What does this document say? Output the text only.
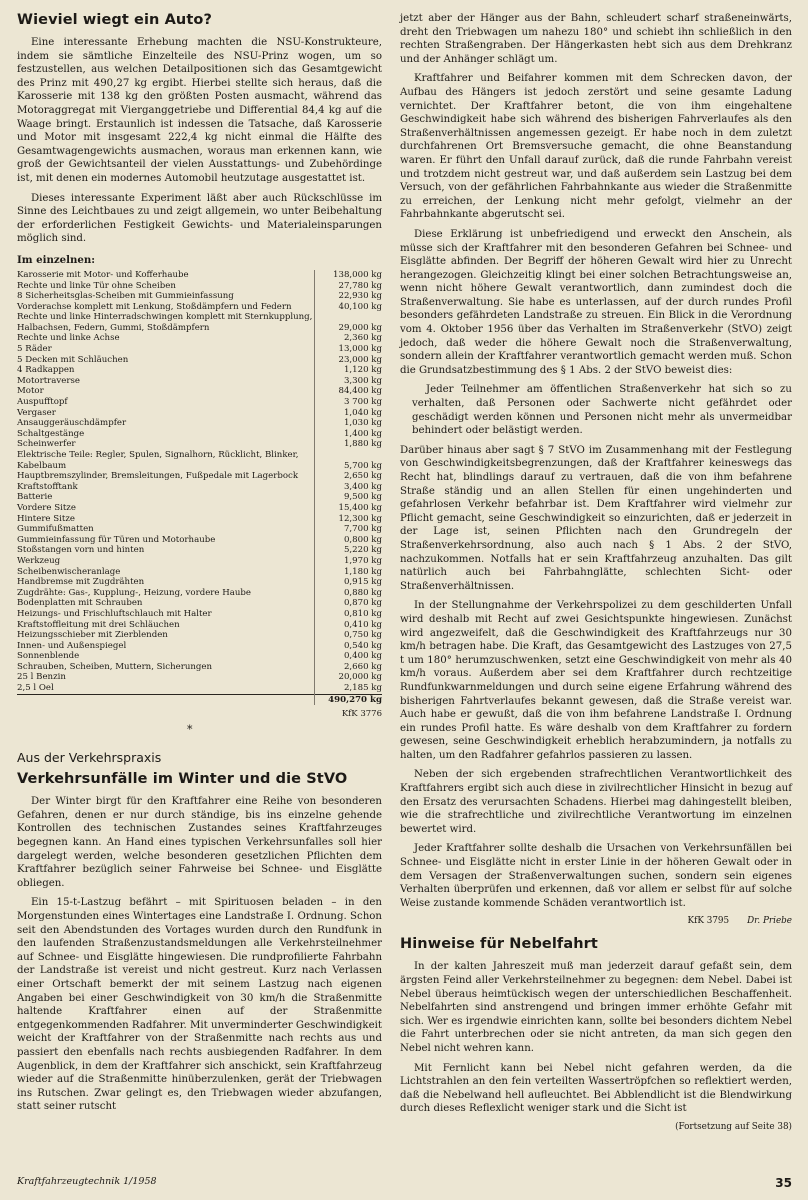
Wieviel wiegt ein Auto?

Eine interessante Erhebung machten die NSU-Konstrukteure, indem sie sämtliche Einzelteile des NSU-Prinz wogen, um so festzustellen, aus welchen Detailpositionen sich das Gesamtgewicht des Prinz mit 490,27 kg ergibt. Hierbei stellte sich heraus, daß die Karosserie mit 138 kg den größten Posten ausmacht, während das Motoraggregat mit Vierganggetriebe und Differential 84,4 kg auf die Waage bringt. Erstaunlich ist indessen die Tatsache, daß Karosserie und Motor mit insgesamt 222,4 kg nicht einmal die Hälfte des Gesamtwagengewichts ausmachen, woraus man erkennen kann, wie groß der Gewichtsanteil der vielen Ausstattungs- und Zubehördinge ist, mit denen ein modernes Automobil heutzutage ausgestattet ist.

Dieses interessante Experiment läßt aber auch Rückschlüsse im Sinne des Leichtbaues zu und zeigt allgemein, wo unter Beibehaltung der erforderlichen Festigkeit Gewichts- und Materialeinsparungen möglich sind.

Im einzelnen:
Karosserie mit Motor- und Kofferhaube	138,000 kg
Rechte und linke Tür ohne Scheiben	27,780 kg
8 Sicherheitsglas-Scheiben mit Gummieinfassung	22,930 kg
Vorderachse komplett mit Lenkung, Stoßdämpfern und Federn	40,100 kg
Rechte und linke Hinterradschwingen komplett mit Sternkupplung, Halbachsen, Federn, Gummi, Stoßdämpfern	29,000 kg
Rechte und linke Achse	2,360 kg
5 Räder	13,000 kg
5 Decken mit Schläuchen	23,000 kg
4 Radkappen	1,120 kg
Motortraverse	3,300 kg
Motor	84,400 kg
Auspufftopf	3 700 kg
Vergaser	1,040 kg
Ansauggeräuschdämpfer	1,030 kg
Schaltgestänge	1,400 kg
Scheinwerfer	1,880 kg
Elektrische Teile: Regler, Spulen, Signalhorn, Rücklicht, Blinker, Kabelbaum	5,700 kg
Hauptbremszylinder, Bremsleitungen, Fußpedale mit Lagerbock	2,650 kg
Kraftstofftank	3,400 kg
Batterie	9,500 kg
Vordere Sitze	15,400 kg
Hintere Sitze	12,300 kg
Gummifußmatten	7,700 kg
Gummieinfassung für Türen und Motorhaube	0,800 kg
Stoßstangen vorn und hinten	5,220 kg
Werkzeug	1,970 kg
Scheibenwischeranlage	1,180 kg
Handbremse mit Zugdrähten	0,915 kg
Zugdrähte: Gas-, Kupplung-, Heizung, vordere Haube	0,880 kg
Bodenplatten mit Schrauben	0,870 kg
Heizungs- und Frischluftschlauch mit Halter	0,810 kg
Kraftstoffleitung mit drei Schläuchen	0,410 kg
Heizungsschieber mit Zierblenden	0,750 kg
Innen- und Außenspiegel	0,540 kg
Sonnenblende	0,400 kg
Schrauben, Scheiben, Muttern, Sicherungen	2,660 kg
25 l Benzin	20,000 kg
2,5 l Oel	2,185 kg
	490,270 kg
KfK 3776
*
Aus der Verkehrspraxis
Verkehrsunfälle im Winter und die StVO

Der Winter birgt für den Kraftfahrer eine Reihe von besonderen Gefahren, denen er nur durch ständige, bis ins einzelne gehende Kontrollen des technischen Zustandes seines Kraftfahrzeuges begegnen kann. An Hand eines typischen Verkehrsunfalles soll hier dargelegt werden, welche besonderen gesetzlichen Pflichten dem Kraftfahrer bezüglich seiner Fahrweise bei Schnee- und Eisglätte obliegen.

Ein 15-t-Lastzug befährt – mit Spirituosen beladen – in den Morgenstunden eines Wintertages eine Landstraße I. Ordnung. Schon seit den Abendstunden des Vortages wurden durch den Rundfunk in den laufenden Straßenzustandsmeldungen alle Verkehrsteilnehmer auf Schnee- und Eisglätte hingewiesen. Die rundprofilierte Fahrbahn der Landstraße ist vereist und nicht gestreut. Kurz nach Verlassen einer Ortschaft bemerkt der mit seinem Lastzug nach eigenen Angaben bei einer Geschwindigkeit von 30 km/h die Straßenmitte haltende Kraftfahrer einen auf der Straßenmitte entgegenkommenden Radfahrer. Mit unverminderter Geschwindigkeit weicht der Kraftfahrer von der Straßenmitte nach rechts aus und passiert den ebenfalls nach rechts ausbiegenden Radfahrer. In dem Augenblick, in dem der Kraftfahrer sich anschickt, sein Kraftfahrzeug wieder auf die Straßenmitte hinüberzulenken, gerät der Triebwagen ins Rutschen. Zwar gelingt es, den Triebwagen wieder abzufangen, statt seiner rutscht

jetzt aber der Hänger aus der Bahn, schleudert scharf straßeneinwärts, dreht den Triebwagen um nahezu 180° und schiebt ihn schließlich in den rechten Straßengraben. Der Hängerkasten hebt sich aus dem Drehkranz und der Anhänger schlägt um.

Kraftfahrer und Beifahrer kommen mit dem Schrecken davon, der Aufbau des Hängers ist jedoch zerstört und seine gesamte Ladung vernichtet. Der Kraftfahrer betont, die von ihm eingehaltene Geschwindigkeit habe sich während des bisherigen Fahrverlaufes als den Straßenverhältnissen angemessen gezeigt. Er habe noch in dem zuletzt durchfahrenen Ort Bremsversuche gemacht, die ohne Beanstandung waren. Er führt den Unfall darauf zurück, daß die runde Fahrbahn vereist und trotzdem nicht gestreut war, und daß außerdem sein Lastzug bei dem Versuch, von der gefährlichen Fahrbahnkante aus wieder die Straßenmitte zu erreichen, der Lenkung nicht mehr gefolgt, vielmehr an der Fahrbahnkante abgerutscht sei.

Diese Erklärung ist unbefriedigend und erweckt den Anschein, als müsse sich der Kraftfahrer mit den besonderen Gefahren bei Schnee- und Eisglätte abfinden. Der Begriff der höheren Gewalt wird hier zu Unrecht herangezogen. Gleichzeitig klingt bei einer solchen Betrachtungsweise an, wenn nicht höhere Gewalt verantwortlich, dann zumindest doch die Straßenverwaltung. Sie habe es unterlassen, auf der durch rundes Profil besonders gefährdeten Landstraße zu streuen. Ein Blick in die Verordnung vom 4. Oktober 1956 über das Verhalten im Straßenverkehr (StVO) zeigt jedoch, daß weder die höhere Gewalt noch die Straßenverwaltung, sondern allein der Kraftfahrer verantwortlich gemacht werden muß. Schon die Grundsatzbestimmung des § 1 Abs. 2 der StVO beweist dies:

Jeder Teilnehmer am öffentlichen Straßenverkehr hat sich so zu verhalten, daß Personen oder Sachwerte nicht gefährdet oder geschädigt werden können und Personen nicht mehr als unvermeidbar behindert oder belästigt werden.

Darüber hinaus aber sagt § 7 StVO im Zusammenhang mit der Festlegung von Geschwindigkeitsbegrenzungen, daß der Kraftfahrer keineswegs das Recht hat, blindlings darauf zu vertrauen, daß die von ihm befahrene Straße ständig und an allen Stellen für einen ungehinderten und gefahrlosen Verkehr befahrbar ist. Dem Kraftfahrer wird vielmehr zur Pflicht gemacht, seine Geschwindigkeit so einzurichten, daß er jederzeit in der Lage ist, seinen Pflichten nach den Grundregeln der Straßenverkehrsordnung, also auch nach § 1 Abs. 2 der StVO, nachzukommen. Notfalls hat er sein Kraftfahrzeug anzuhalten. Das gilt natürlich auch bei Fahrbahnglätte, schlechten Sicht- oder Straßenverhältnissen.

In der Stellungnahme der Verkehrspolizei zu dem geschilderten Unfall wird deshalb mit Recht auf zwei Gesichtspunkte hingewiesen. Zunächst wird angezweifelt, daß die Geschwindigkeit des Kraftfahrzeugs nur 30 km/h betragen habe. Die Kraft, das Gesamtgewicht des Lastzuges von 27,5 t um 180° herumzuschwenken, setzt eine Geschwindigkeit von mehr als 40 km/h voraus. Außerdem aber sei dem Kraftfahrer durch rechtzeitige Rundfunkwarnmeldungen und durch seine eigene Erfahrung während des bisherigen Fahrtverlaufes bekannt gewesen, daß die Straße vereist war. Auch habe er gewußt, daß die von ihm befahrene Landstraße I. Ordnung ein rundes Profil hatte. Es wäre deshalb von dem Kraftfahrer zu fordern gewesen, seine Geschwindigkeit erheblich herabzumindern, ja notfalls zu halten, um den Radfahrer gefahrlos passieren zu lassen.

Neben der sich ergebenden strafrechtlichen Verantwortlichkeit des Kraftfahrers ergibt sich auch diese in zivilrechtlicher Hinsicht in bezug auf den Ersatz des verursachten Schadens. Hierbei mag dahingestellt bleiben, wie die strafrechtliche und zivilrechtliche Verantwortung im einzelnen bewertet wird.

Jeder Kraftfahrer sollte deshalb die Ursachen von Verkehrsunfällen bei Schnee- und Eisglätte nicht in erster Linie in der höheren Gewalt oder in dem Versagen der Straßenverwaltungen suchen, sondern sein eigenes Verhalten überprüfen und erkennen, daß vor allem er selbst für auf solche Weise zustande kommende Schäden verantwortlich ist.

KfK 3795 Dr. Priebe
Hinweise für Nebelfahrt

In der kalten Jahreszeit muß man jederzeit darauf gefaßt sein, dem ärgsten Feind aller Verkehrsteilnehmer zu begegnen: dem Nebel. Dabei ist Nebel überaus heimtückisch wegen der unterschiedlichen Beschaffenheit. Nebelfahrten sind anstrengend und bringen immer erhöhte Gefahr mit sich. Wer es irgendwie einrichten kann, sollte bei besonders dichtem Nebel die Fahrt unterbrechen oder sie nicht antreten, da man sich gegen den Nebel nicht wehren kann.

Mit Fernlicht kann bei Nebel nicht gefahren werden, da die Lichtstrahlen an den fein verteilten Wassertröpfchen so reflektiert werden, daß die Nebelwand hell aufleuchtet. Bei Abblendlicht ist die Blendwirkung durch dieses Reflexlicht weniger stark und die Sicht ist

(Fortsetzung auf Seite 38)
Kraftfahrzeugtechnik 1/1958	35
